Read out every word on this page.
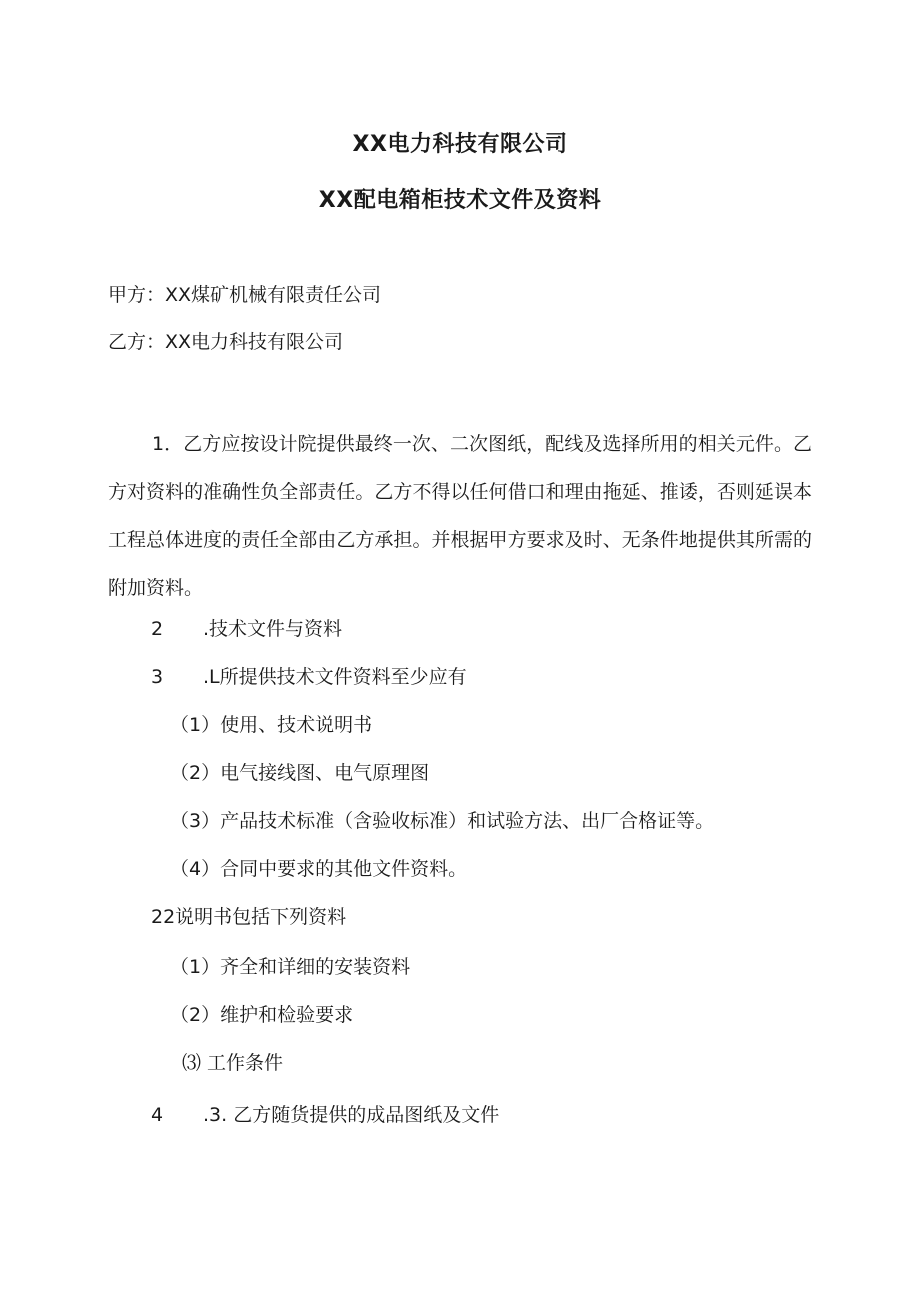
XX电力科技有限公司
XX配电箱柜技术文件及资料
甲方：XX煤矿机械有限责任公司
乙方：XX电力科技有限公司
1．乙方应按设计院提供最终一次、二次图纸，配线及选择所用的相关元件。乙方对资料的准确性负全部责任。乙方不得以任何借口和理由拖延、推诿，否则延误本工程总体进度的责任全部由乙方承担。并根据甲方要求及时、无条件地提供其所需的附加资料。
2 .技术文件与资料
3 .L所提供技术文件资料至少应有
（1）使用、技术说明书
（2）电气接线图、电气原理图
（3）产品技术标准（含验收标准）和试验方法、出厂合格证等。
（4）合同中要求的其他文件资料。
22说明书包括下列资料
（1）齐全和详细的安装资料
（2）维护和检验要求
⑶ 工作条件
4 .3. 乙方随货提供的成品图纸及文件
